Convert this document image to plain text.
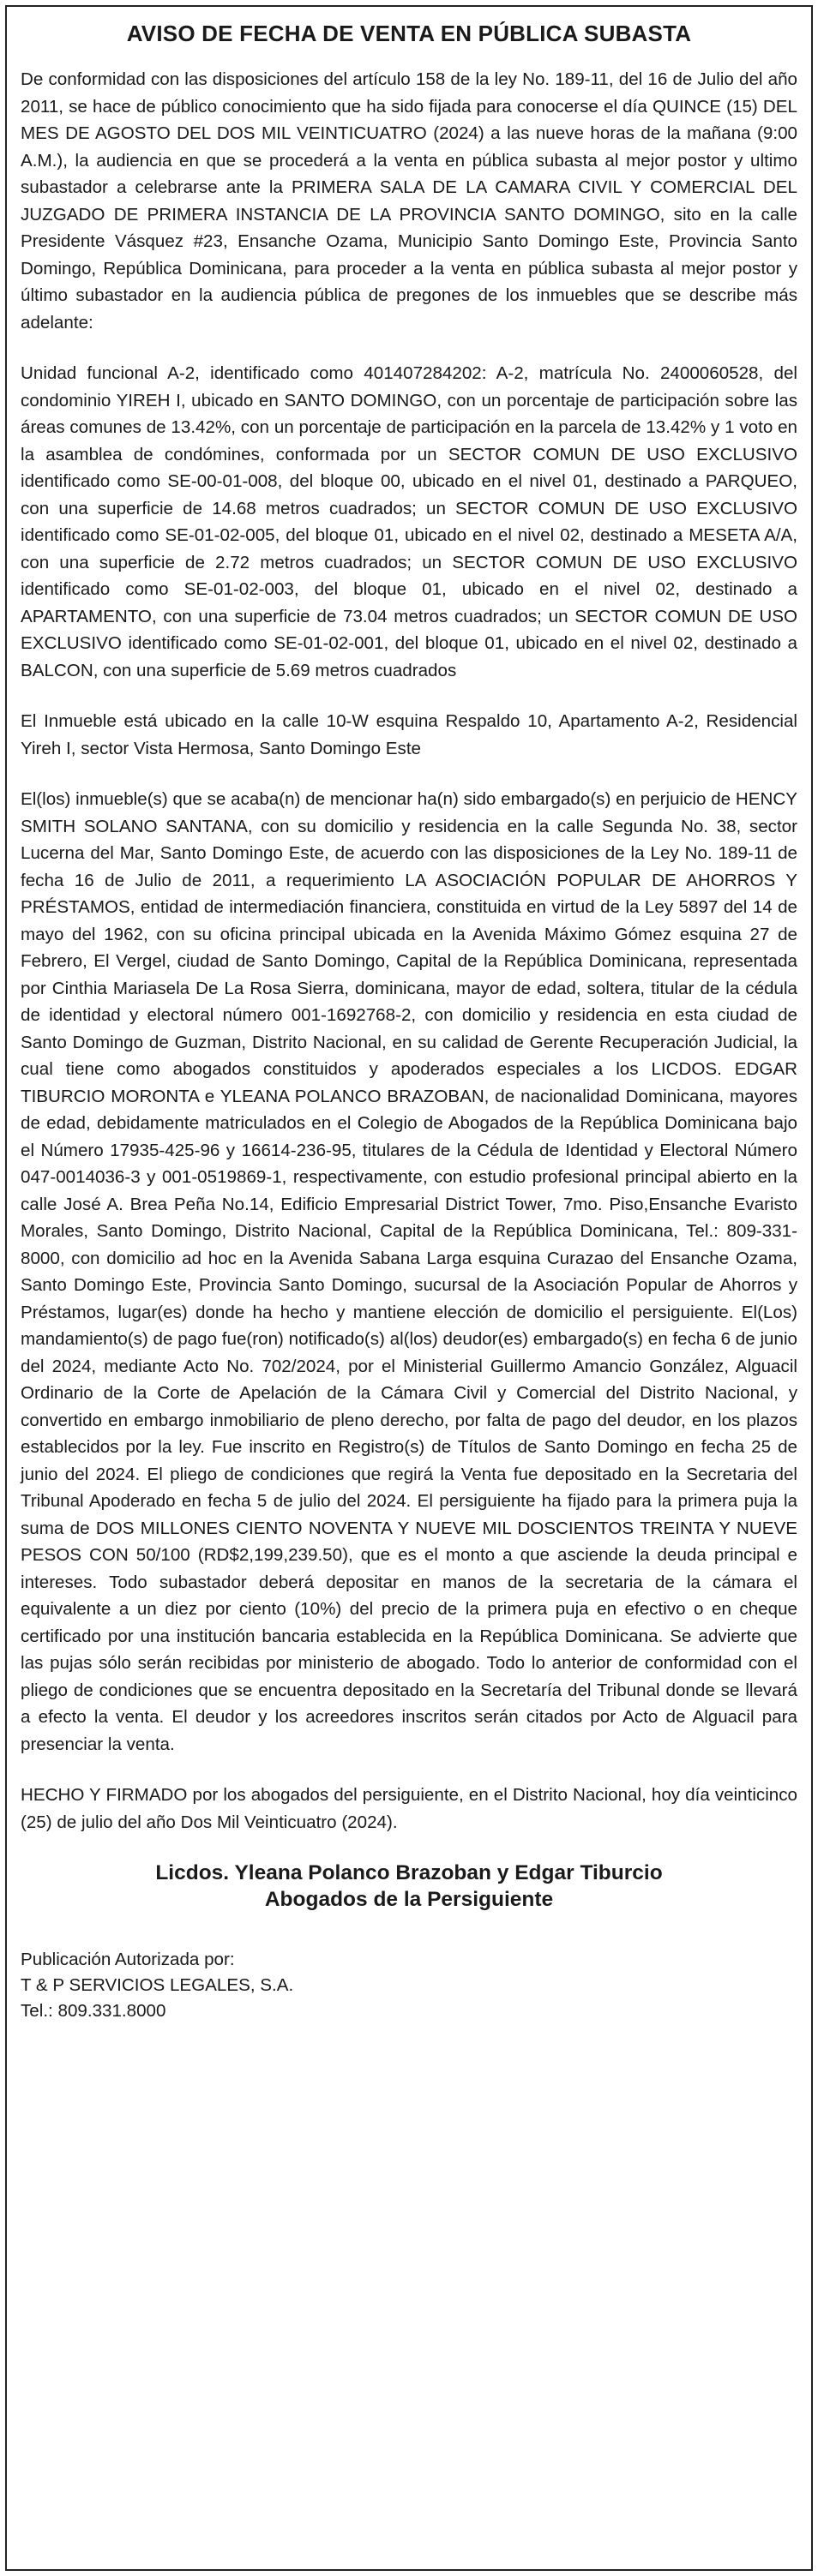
AVISO DE FECHA DE VENTA EN PÚBLICA SUBASTA

De conformidad con las disposiciones del artículo 158 de la ley No. 189-11, del 16 de Julio del año 2011, se hace de público conocimiento que ha sido fijada para conocerse el día QUINCE (15) DEL MES DE AGOSTO DEL DOS MIL VEINTICUATRO (2024) a las nueve horas de la mañana (9:00 A.M.), la audiencia en que se procederá a la venta en pública subasta al mejor postor y ultimo subastador a celebrarse ante la PRIMERA SALA DE LA CAMARA CIVIL Y COMERCIAL DEL JUZGADO DE PRIMERA INSTANCIA DE LA PROVINCIA SANTO DOMINGO, sito en la calle Presidente Vásquez #23, Ensanche Ozama, Municipio Santo Domingo Este, Provincia Santo Domingo, República Dominicana, para proceder a la venta en pública subasta al mejor postor y último subastador en la audiencia pública de pregones de los inmuebles que se describe más adelante:

Unidad funcional A-2, identificado como 401407284202: A-2, matrícula No. 2400060528, del condominio YIREH I, ubicado en SANTO DOMINGO, con un porcentaje de participación sobre las áreas comunes de 13.42%, con un porcentaje de participación en la parcela de 13.42% y 1 voto en la asamblea de condómines, conformada por un SECTOR COMUN DE USO EXCLUSIVO identificado como SE-00-01-008, del bloque 00, ubicado en el nivel 01, destinado a PARQUEO, con una superficie de 14.68 metros cuadrados; un SECTOR COMUN DE USO EXCLUSIVO identificado como SE-01-02-005, del bloque 01, ubicado en el nivel 02, destinado a MESETA A/A, con una superficie de 2.72 metros cuadrados; un SECTOR COMUN DE USO EXCLUSIVO identificado como SE-01-02-003, del bloque 01, ubicado en el nivel 02, destinado a APARTAMENTO, con una superficie de 73.04 metros cuadrados; un SECTOR COMUN DE USO EXCLUSIVO identificado como SE-01-02-001, del bloque 01, ubicado en el nivel 02, destinado a BALCON, con una superficie de 5.69 metros cuadrados

El Inmueble está ubicado en la calle 10-W esquina Respaldo 10, Apartamento A-2, Residencial Yireh I, sector Vista Hermosa, Santo Domingo Este

El(los) inmueble(s) que se acaba(n) de mencionar ha(n) sido embargado(s) en perjuicio de HENCY SMITH SOLANO SANTANA, con su domicilio y residencia en la calle Segunda No. 38, sector Lucerna del Mar, Santo Domingo Este, de acuerdo con las disposiciones de la Ley No. 189-11 de fecha 16 de Julio de 2011, a requerimiento LA ASOCIACIÓN POPULAR DE AHORROS Y PRÉSTAMOS, entidad de intermediación financiera, constituida en virtud de la Ley 5897 del 14 de mayo del 1962, con su oficina principal ubicada en la Avenida Máximo Gómez esquina 27 de Febrero, El Vergel, ciudad de Santo Domingo, Capital de la República Dominicana, representada por Cinthia Mariasela De La Rosa Sierra, dominicana, mayor de edad, soltera, titular de la cédula de identidad y electoral número 001-1692768-2, con domicilio y residencia en esta ciudad de Santo Domingo de Guzman, Distrito Nacional, en su calidad de Gerente Recuperación Judicial, la cual tiene como abogados constituidos y apoderados especiales a los LICDOS. EDGAR TIBURCIO MORONTA e YLEANA POLANCO BRAZOBAN, de nacionalidad Dominicana, mayores de edad, debidamente matriculados en el Colegio de Abogados de la República Dominicana bajo el Número 17935-425-96 y 16614-236-95, titulares de la Cédula de Identidad y Electoral Número 047-0014036-3 y 001-0519869-1, respectivamente, con estudio profesional principal abierto en la calle José A. Brea Peña No.14, Edificio Empresarial District Tower, 7mo. Piso,Ensanche Evaristo Morales, Santo Domingo, Distrito Nacional, Capital de la República Dominicana, Tel.: 809-331-8000, con domicilio ad hoc en la Avenida Sabana Larga esquina Curazao del Ensanche Ozama, Santo Domingo Este, Provincia Santo Domingo, sucursal de la Asociación Popular de Ahorros y Préstamos, lugar(es) donde ha hecho y mantiene elección de domicilio el persiguiente. El(Los) mandamiento(s) de pago fue(ron) notificado(s) al(los) deudor(es) embargado(s) en fecha 6 de junio del 2024, mediante Acto No. 702/2024, por el Ministerial Guillermo Amancio González, Alguacil Ordinario de la Corte de Apelación de la Cámara Civil y Comercial del Distrito Nacional, y convertido en embargo inmobiliario de pleno derecho, por falta de pago del deudor, en los plazos establecidos por la ley. Fue inscrito en Registro(s) de Títulos de Santo Domingo en fecha 25 de junio del 2024. El pliego de condiciones que regirá la Venta fue depositado en la Secretaria del Tribunal Apoderado en fecha 5 de julio del 2024. El persiguiente ha fijado para la primera puja la suma de DOS MILLONES CIENTO NOVENTA Y NUEVE MIL DOSCIENTOS TREINTA Y NUEVE PESOS CON 50/100 (RD$2,199,239.50), que es el monto a que asciende la deuda principal e intereses. Todo subastador deberá depositar en manos de la secretaria de la cámara el equivalente a un diez por ciento (10%) del precio de la primera puja en efectivo o en cheque certificado por una institución bancaria establecida en la República Dominicana. Se advierte que las pujas sólo serán recibidas por ministerio de abogado. Todo lo anterior de conformidad con el pliego de condiciones que se encuentra depositado en la Secretaría del Tribunal donde se llevará a efecto la venta. El deudor y los acreedores inscritos serán citados por Acto de Alguacil para presenciar la venta.

HECHO Y FIRMADO por los abogados del persiguiente, en el Distrito Nacional, hoy día veinticinco (25) de julio del año Dos Mil Veinticuatro (2024).

Licdos. Yleana Polanco Brazoban y Edgar Tiburcio
Abogados de la Persiguiente
Publicación Autorizada por:
T & P SERVICIOS LEGALES, S.A.
Tel.: 809.331.8000
